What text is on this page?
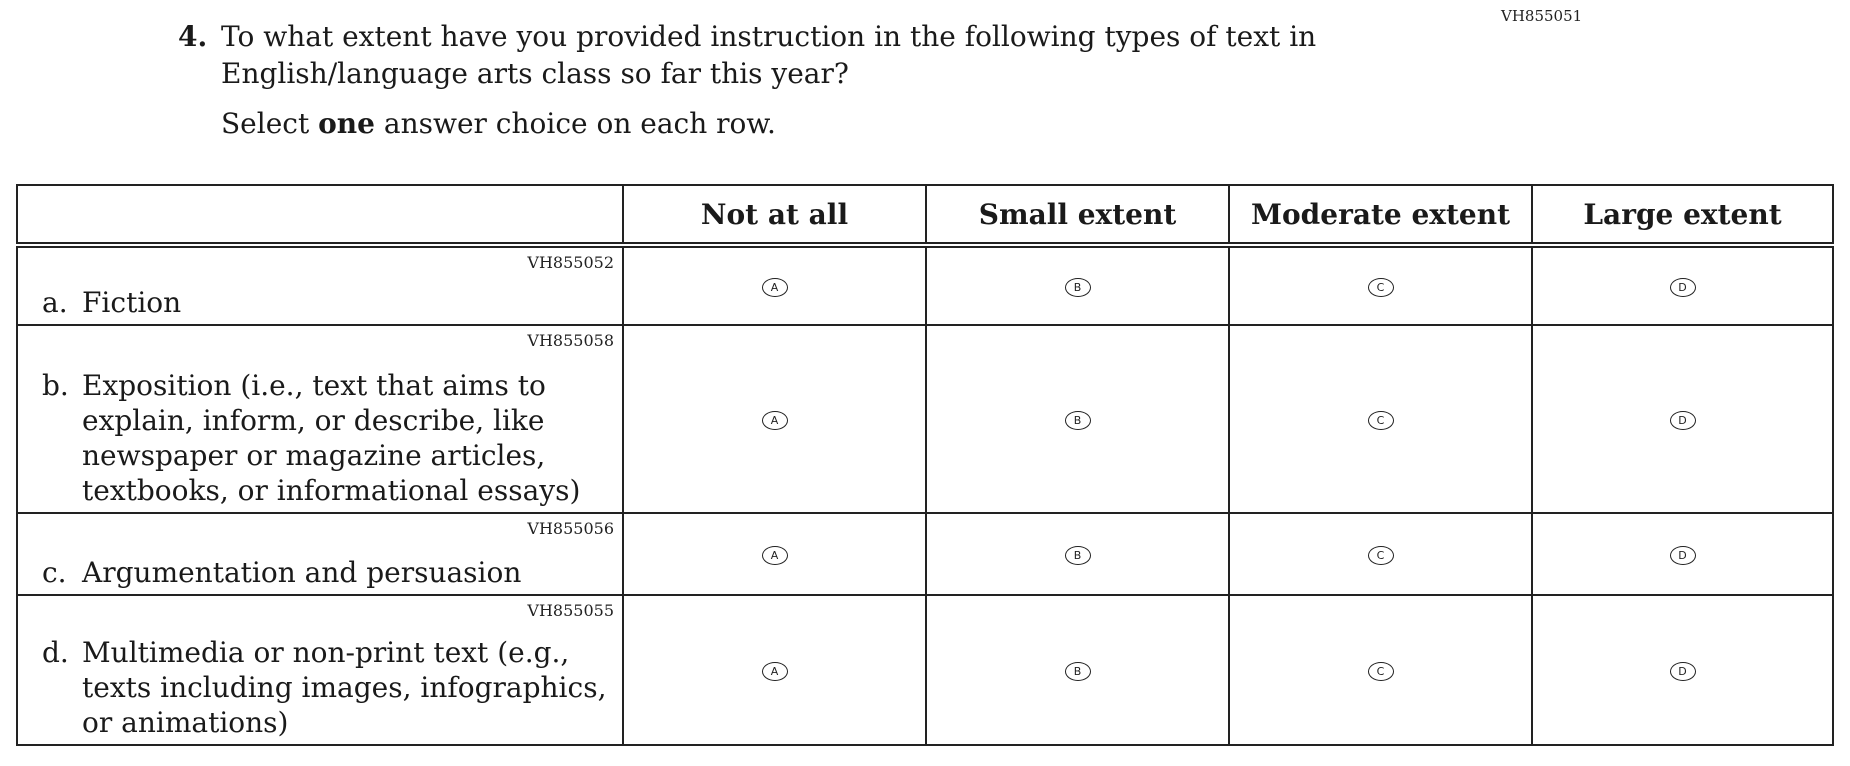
VH855051
4. To what extent have you provided instruction in the following types of text in English/language arts class so far this year?
Select one answer choice on each row.
	Not at all	Small extent	Moderate extent	Large extent

VH855052
a. Fiction	A	B	C	D

VH855058
b. Exposition (i.e., text that aims to explain, inform, or describe, like newspaper or magazine articles, textbooks, or informational essays)	A	B	C	D

VH855056
c. Argumentation and persuasion	A	B	C	D

VH855055
d. Multimedia or non-print text (e.g., texts including images, infographics, or animations)	A	B	C	D
